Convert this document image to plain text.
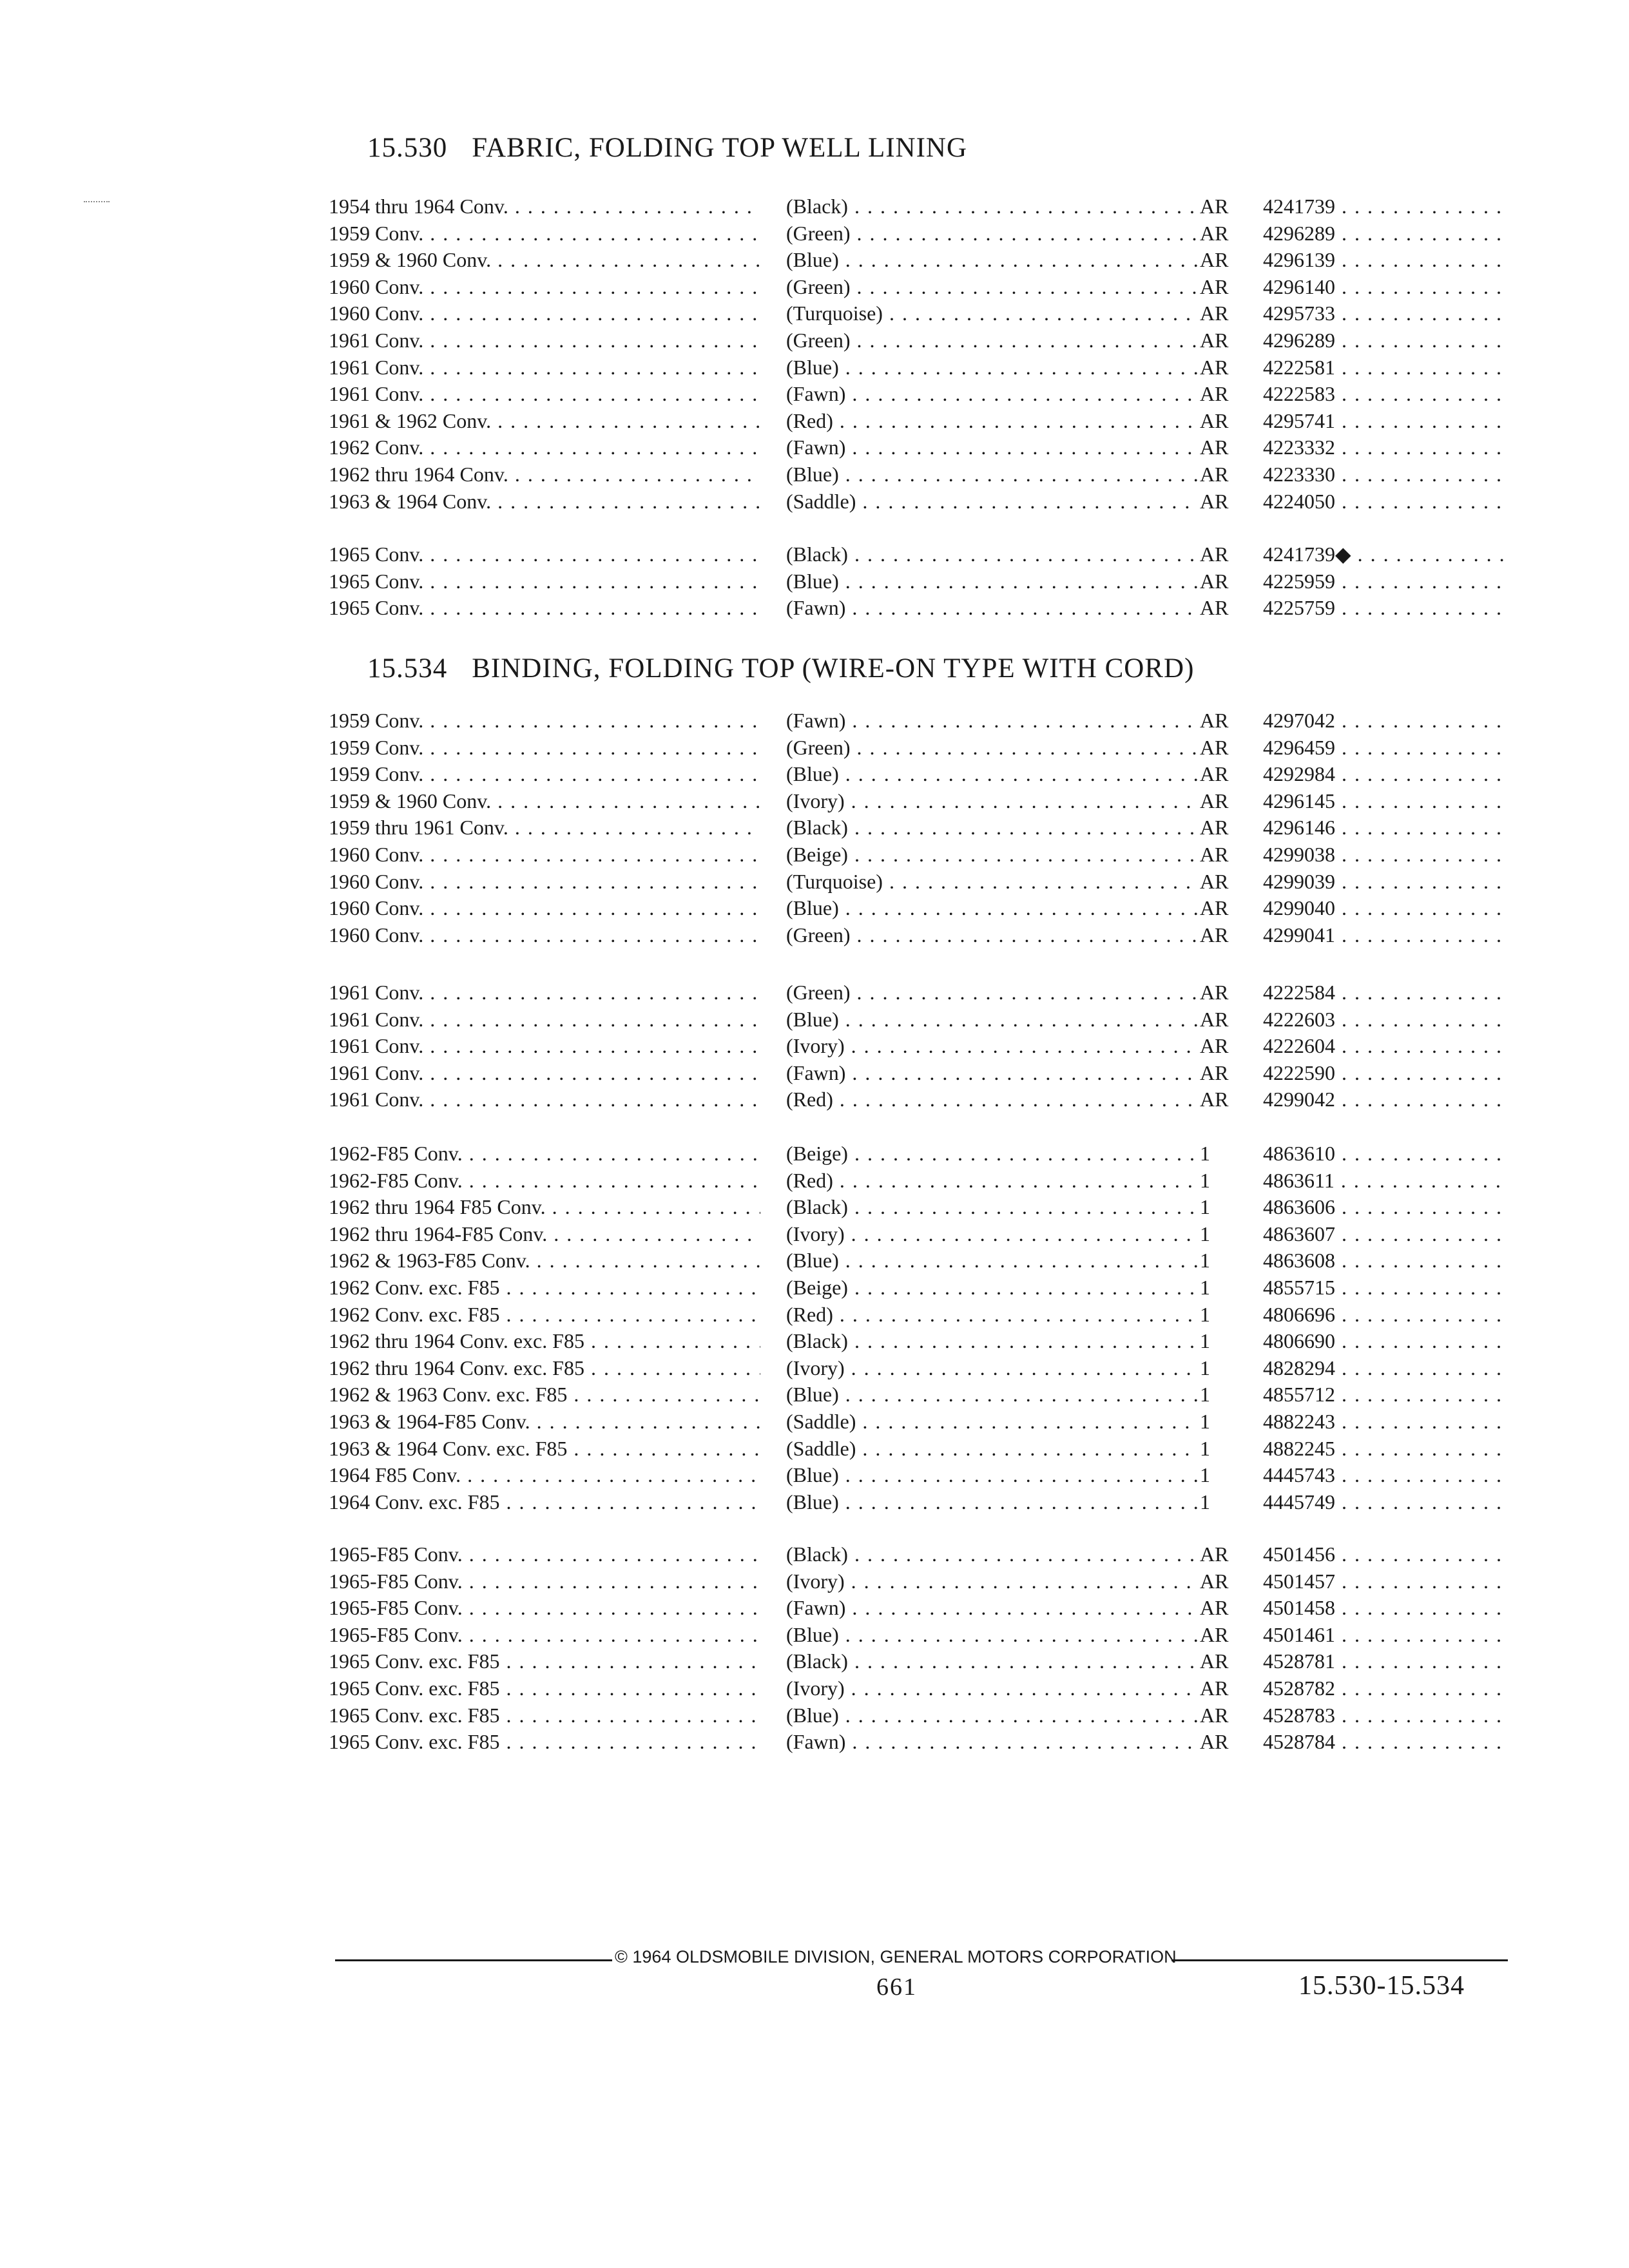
15.530 FABRIC, FOLDING TOP WELL LINING
1954 thru 1964 Conv. . . .	(Black) . . .	AR	4241739 . . .
1959 Conv. . . .	(Green) . . .	AR	4296289 . . .
1959 & 1960 Conv. . . .	(Blue) . . .	AR	4296139 . . .
1960 Conv. . . .	(Green) . . .	AR	4296140 . . .
1960 Conv. . . .	(Turquoise) . . .	AR	4295733 . . .
1961 Conv. . . .	(Green) . . .	AR	4296289 . . .
1961 Conv. . . .	(Blue) . . .	AR	4222581 . . .
1961 Conv. . . .	(Fawn) . . .	AR	4222583 . . .
1961 & 1962 Conv. . . .	(Red) . . .	AR	4295741 . . .
1962 Conv. . . .	(Fawn) . . .	AR	4223332 . . .
1962 thru 1964 Conv. . . .	(Blue) . . .	AR	4223330 . . .
1963 & 1964 Conv. . . .	(Saddle) . . .	AR	4224050 . . .
1965 Conv. . . .	(Black) . . .	AR	4241739◆ . . .
1965 Conv. . . .	(Blue) . . .	AR	4225959 . . .
1965 Conv. . . .	(Fawn) . . .	AR	4225759 . . .
15.534 BINDING, FOLDING TOP (WIRE-ON TYPE WITH CORD)
1959 Conv. . . .	(Fawn) . . .	AR	4297042 . . .
1959 Conv. . . .	(Green) . . .	AR	4296459 . . .
1959 Conv. . . .	(Blue) . . .	AR	4292984 . . .
1959 & 1960 Conv. . . .	(Ivory) . . .	AR	4296145 . . .
1959 thru 1961 Conv. . . .	(Black) . . .	AR	4296146 . . .
1960 Conv. . . .	(Beige) . . .	AR	4299038 . . .
1960 Conv. . . .	(Turquoise) . . .	AR	4299039 . . .
1960 Conv. . . .	(Blue) . . .	AR	4299040 . . .
1960 Conv. . . .	(Green) . . .	AR	4299041 . . .
1961 Conv. . . .	(Green) . . .	AR	4222584 . . .
1961 Conv. . . .	(Blue) . . .	AR	4222603 . . .
1961 Conv. . . .	(Ivory) . . .	AR	4222604 . . .
1961 Conv. . . .	(Fawn) . . .	AR	4222590 . . .
1961 Conv. . . .	(Red) . . .	AR	4299042 . . .
1962-F85 Conv. . . .	(Beige) . . .	1	4863610 . . .
1962-F85 Conv. . . .	(Red) . . .	1	4863611 . . .
1962 thru 1964 F85 Conv. . . .	(Black) . . .	1	4863606 . . .
1962 thru 1964-F85 Conv. . . .	(Ivory) . . .	1	4863607 . . .
1962 & 1963-F85 Conv. . . .	(Blue) . . .	1	4863608 . . .
1962 Conv. exc. F85 . . .	(Beige) . . .	1	4855715 . . .
1962 Conv. exc. F85 . . .	(Red) . . .	1	4806696 . . .
1962 thru 1964 Conv. exc. F85 . . .	(Black) . . .	1	4806690 . . .
1962 thru 1964 Conv. exc. F85 . . .	(Ivory) . . .	1	4828294 . . .
1962 & 1963 Conv. exc. F85 . . .	(Blue) . . .	1	4855712 . . .
1963 & 1964-F85 Conv. . . .	(Saddle) . . .	1	4882243 . . .
1963 & 1964 Conv. exc. F85 . . .	(Saddle) . . .	1	4882245 . . .
1964 F85 Conv. . . .	(Blue) . . .	1	4445743 . . .
1964 Conv. exc. F85 . . .	(Blue) . . .	1	4445749 . . .
1965-F85 Conv. . . .	(Black) . . .	AR	4501456 . . .
1965-F85 Conv. . . .	(Ivory) . . .	AR	4501457 . . .
1965-F85 Conv. . . .	(Fawn) . . .	AR	4501458 . . .
1965-F85 Conv. . . .	(Blue) . . .	AR	4501461 . . .
1965 Conv. exc. F85 . . .	(Black) . . .	AR	4528781 . . .
1965 Conv. exc. F85 . . .	(Ivory) . . .	AR	4528782 . . .
1965 Conv. exc. F85 . . .	(Blue) . . .	AR	4528783 . . .
1965 Conv. exc. F85 . . .	(Fawn) . . .	AR	4528784 . . .
© 1964 OLDSMOBILE DIVISION, GENERAL MOTORS CORPORATION
661	15.530-15.534
